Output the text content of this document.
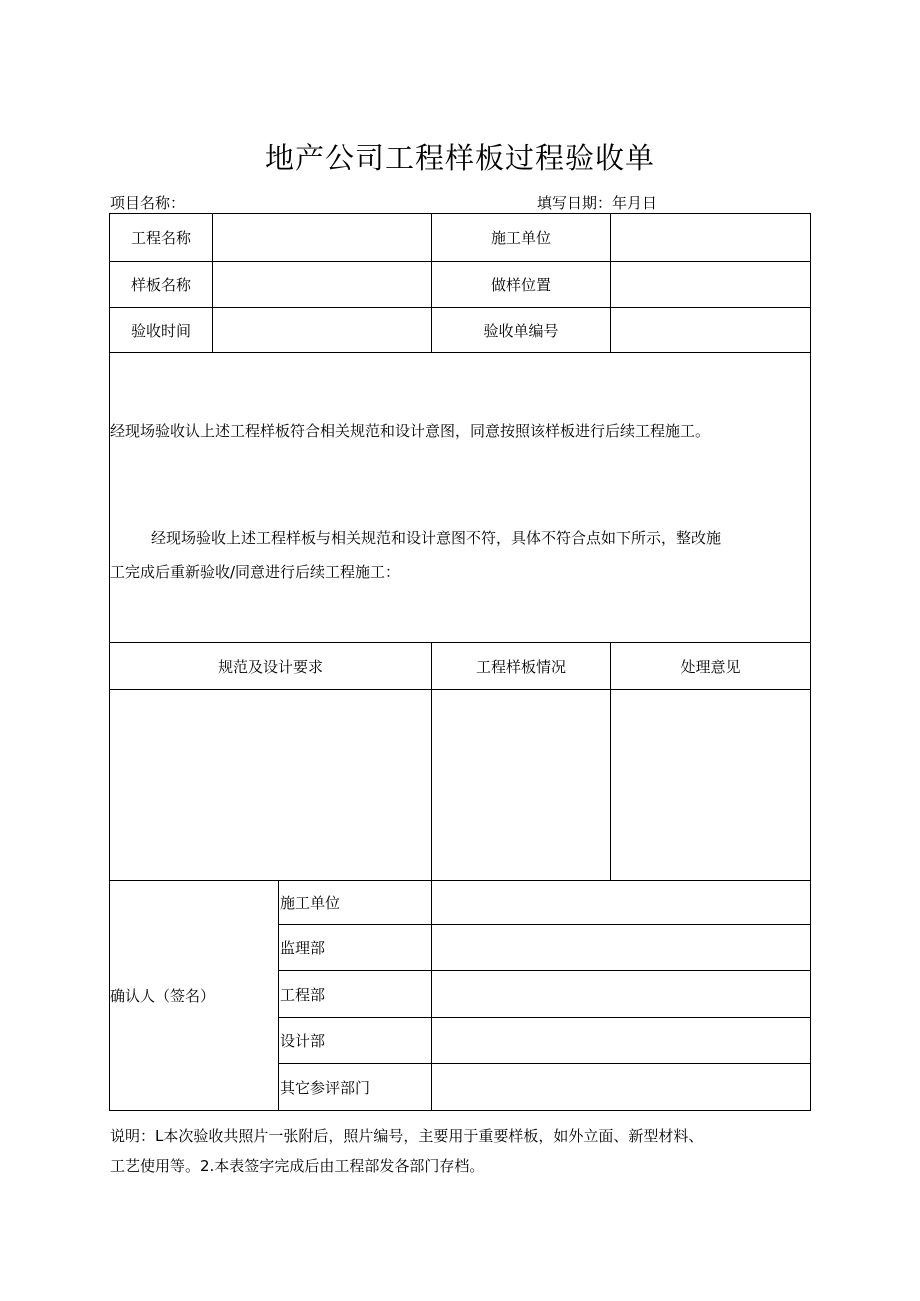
地产公司工程样板过程验收单
项目名称：	填写日期：年月日
工程名称	施工单位
样板名称	做样位置
验收时间	验收单编号
经现场验收认上述工程样板符合相关规范和设计意图，同意按照该样板进行后续工程施工。
经现场验收上述工程样板与相关规范和设计意图不符，具体不符合点如下所示，整改施
工完成后重新验收/同意进行后续工程施工：
规范及设计要求	工程样板情况	处理意见
确认人（签名）
施工单位
监理部
工程部
设计部
其它参评部门
说明：L本次验收共照片一张附后，照片编号，主要用于重要样板，如外立面、新型材料、
工艺使用等。2.本表签字完成后由工程部发各部门存档。
